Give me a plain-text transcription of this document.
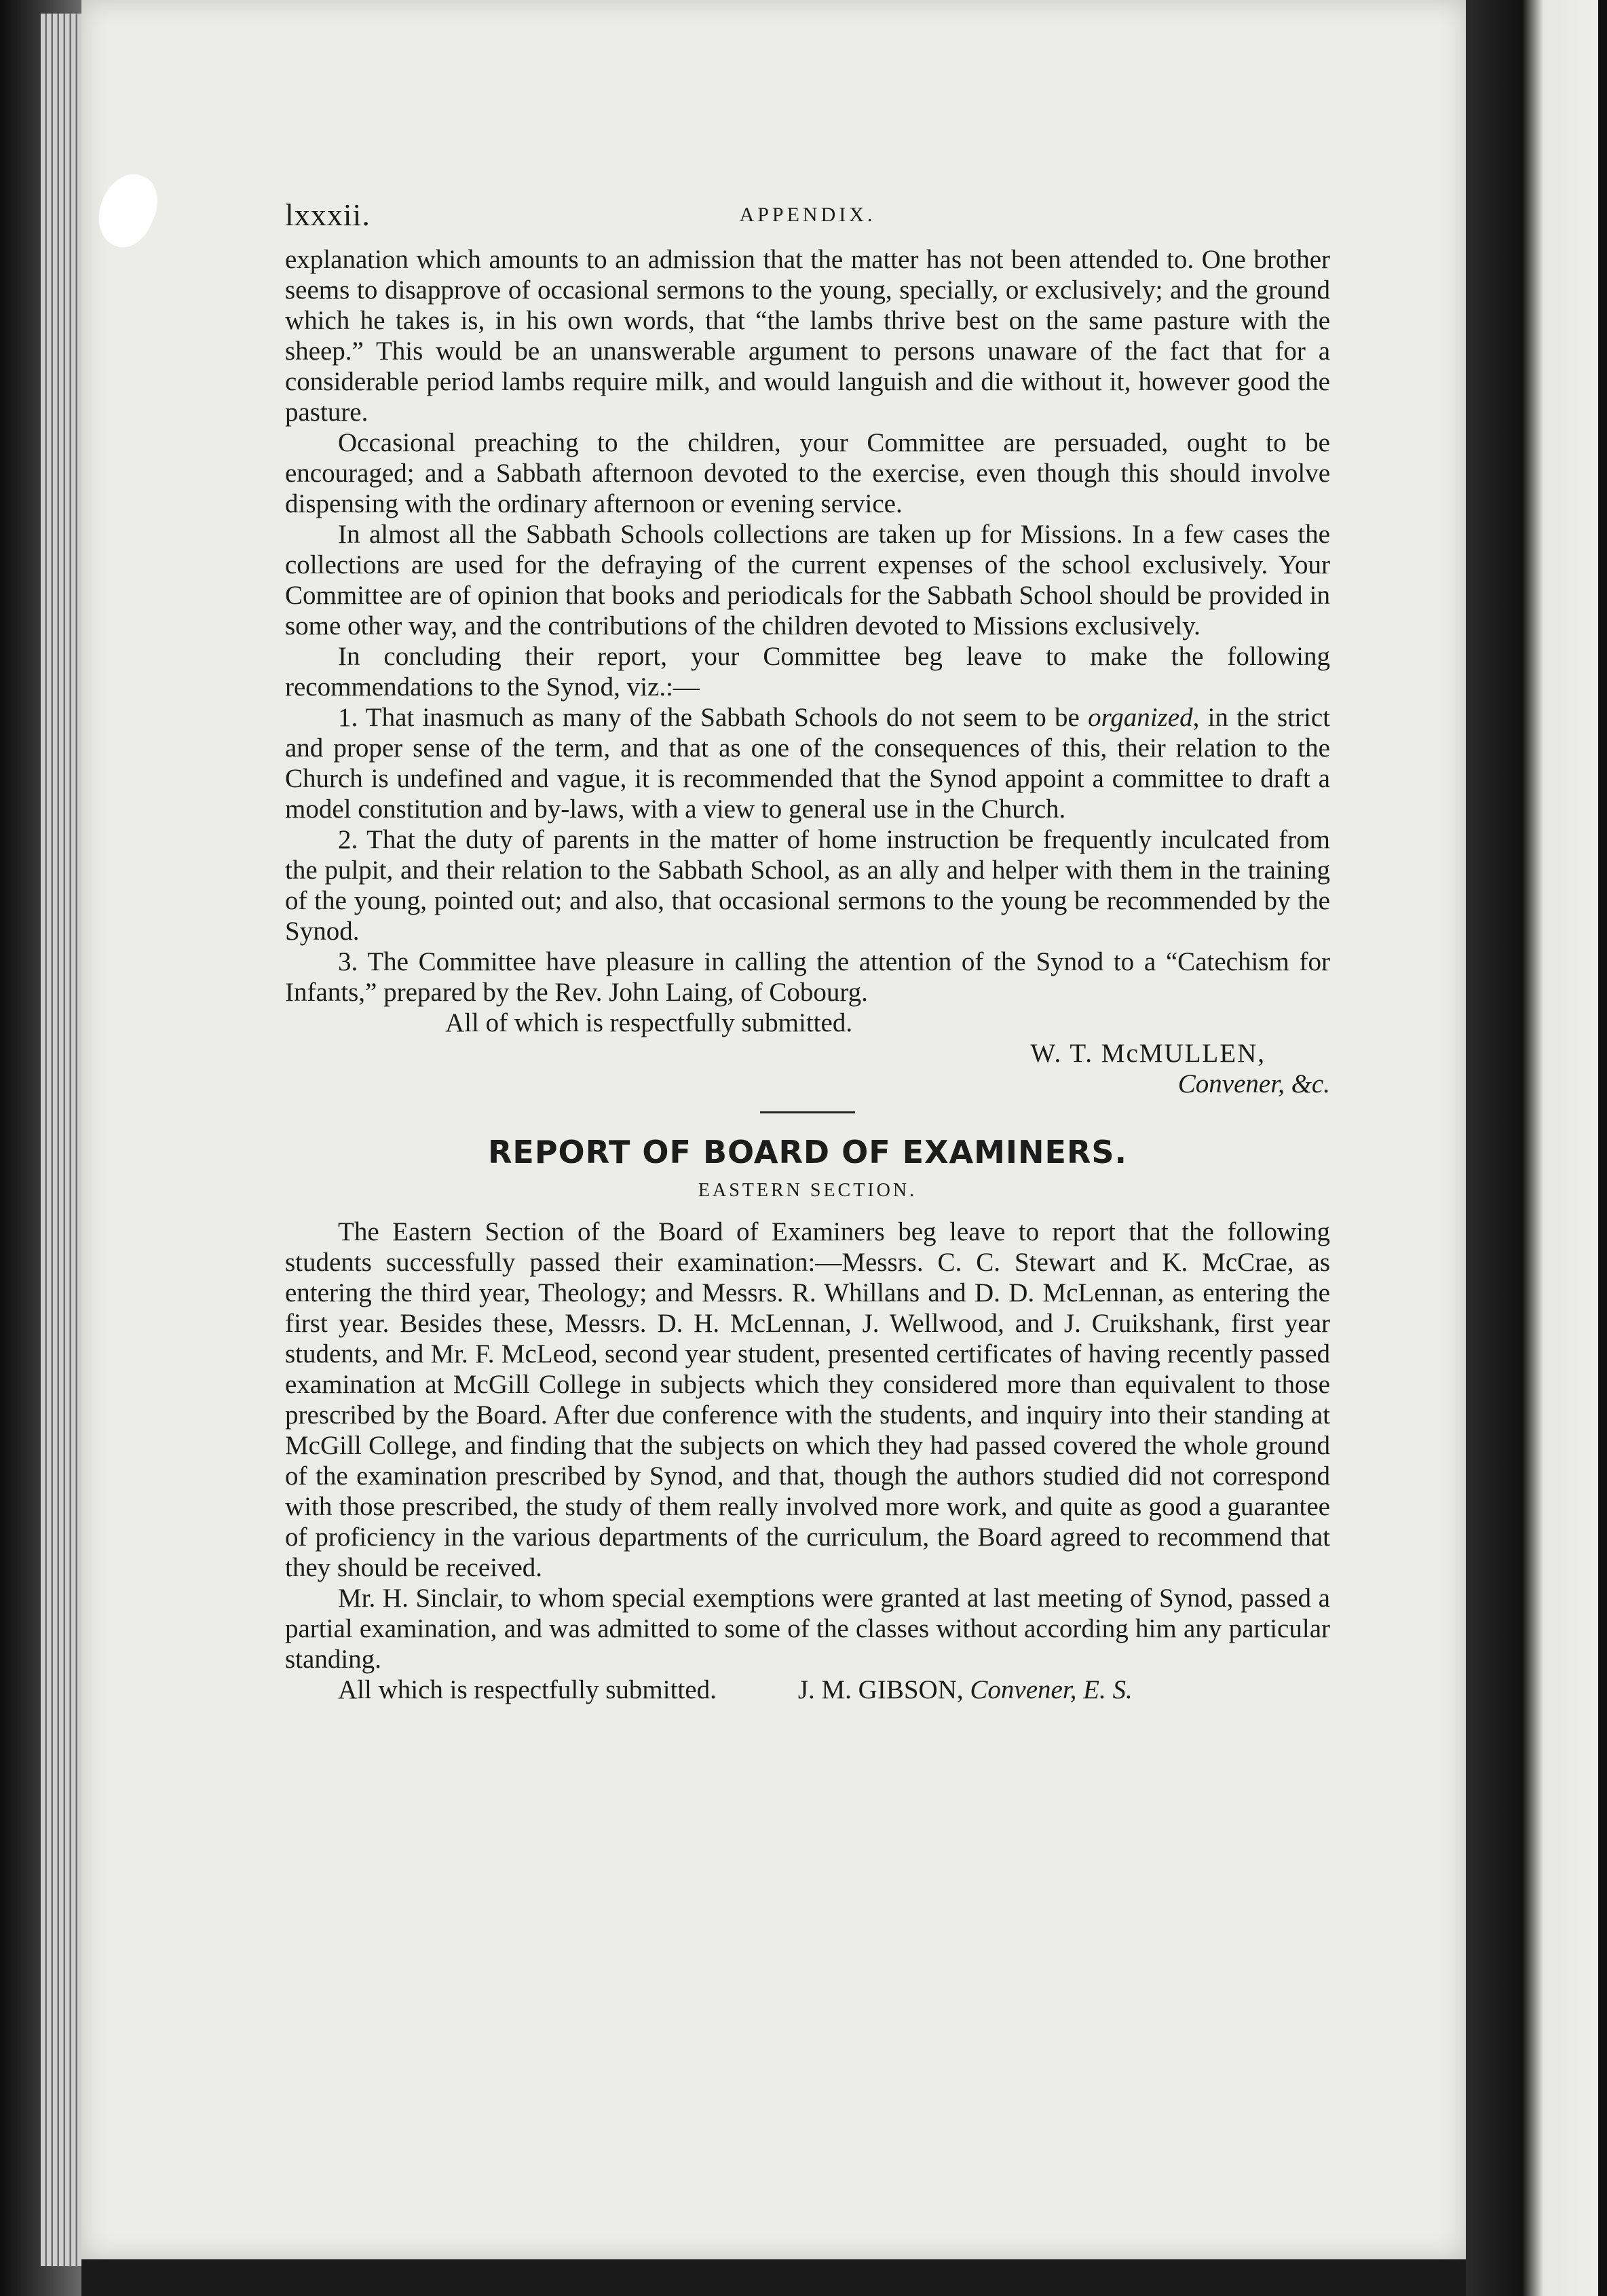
lxxxii.	APPENDIX.

explanation which amounts to an admission that the matter has not been attended to. One brother seems to disapprove of occasional sermons to the young, specially, or exclusively; and the ground which he takes is, in his own words, that “the lambs thrive best on the same pasture with the sheep.” This would be an unanswerable argument to persons unaware of the fact that for a considerable period lambs require milk, and would languish and die without it, however good the pasture.

Occasional preaching to the children, your Committee are persuaded, ought to be encouraged; and a Sabbath afternoon devoted to the exercise, even though this should involve dispensing with the ordinary afternoon or evening service.

In almost all the Sabbath Schools collections are taken up for Missions. In a few cases the collections are used for the defraying of the current expenses of the school exclusively. Your Committee are of opinion that books and periodicals for the Sabbath School should be provided in some other way, and the contributions of the children devoted to Missions exclusively.

In concluding their report, your Committee beg leave to make the following recommendations to the Synod, viz.:—

1. That inasmuch as many of the Sabbath Schools do not seem to be organized, in the strict and proper sense of the term, and that as one of the consequences of this, their relation to the Church is undefined and vague, it is recommended that the Synod appoint a committee to draft a model constitution and by-laws, with a view to general use in the Church.

2. That the duty of parents in the matter of home instruction be frequently inculcated from the pulpit, and their relation to the Sabbath School, as an ally and helper with them in the training of the young, pointed out; and also, that occasional sermons to the young be recommended by the Synod.

3. The Committee have pleasure in calling the attention of the Synod to a “Catechism for Infants,” prepared by the Rev. John Laing, of Cobourg.

All of which is respectfully submitted.

W. T. McMULLEN,

Convener, &c.

REPORT OF BOARD OF EXAMINERS.

EASTERN SECTION.

The Eastern Section of the Board of Examiners beg leave to report that the following students successfully passed their examination:—Messrs. C. C. Stewart and K. McCrae, as entering the third year, Theology; and Messrs. R. Whillans and D. D. McLennan, as entering the first year. Besides these, Messrs. D. H. McLennan, J. Wellwood, and J. Cruikshank, first year students, and Mr. F. McLeod, second year student, presented certificates of having recently passed examination at McGill College in subjects which they considered more than equivalent to those prescribed by the Board. After due conference with the students, and inquiry into their standing at McGill College, and finding that the subjects on which they had passed covered the whole ground of the examination prescribed by Synod, and that, though the authors studied did not correspond with those prescribed, the study of them really involved more work, and quite as good a guarantee of proficiency in the various departments of the curriculum, the Board agreed to recommend that they should be received.

Mr. H. Sinclair, to whom special exemptions were granted at last meeting of Synod, passed a partial examination, and was admitted to some of the classes without according him any particular standing.

All which is respectfully submitted.	J. M. GIBSON, Convener, E. S.
